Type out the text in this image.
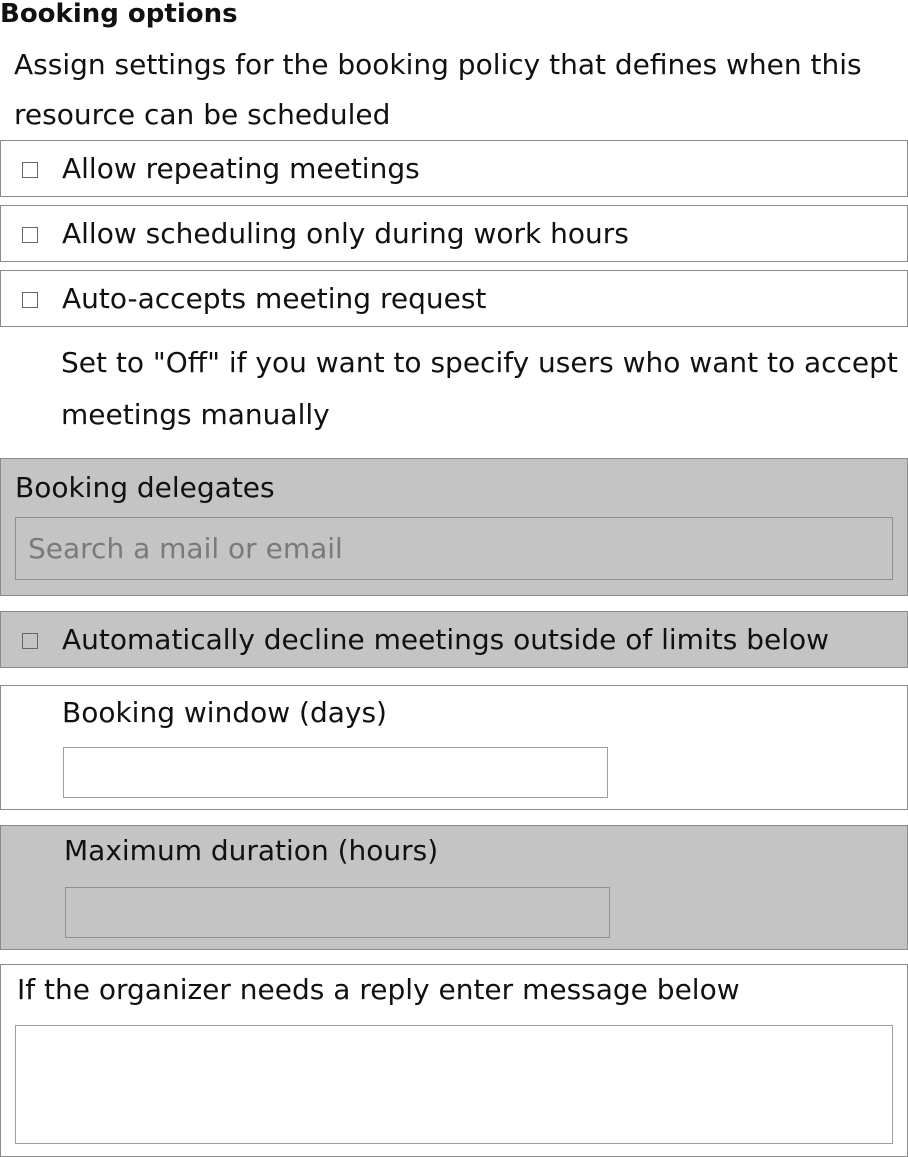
Booking options
Assign settings for the booking policy that defines when this resource can be scheduled
Allow repeating meetings
Allow scheduling only during work hours
Auto-accepts meeting request
Set to "Off" if you want to specify users who want to accept meetings manually
Booking delegates
Search a mail or email
Automatically decline meetings outside of limits below
Booking window (days)
Maximum duration (hours)
If the organizer needs a reply enter message below
